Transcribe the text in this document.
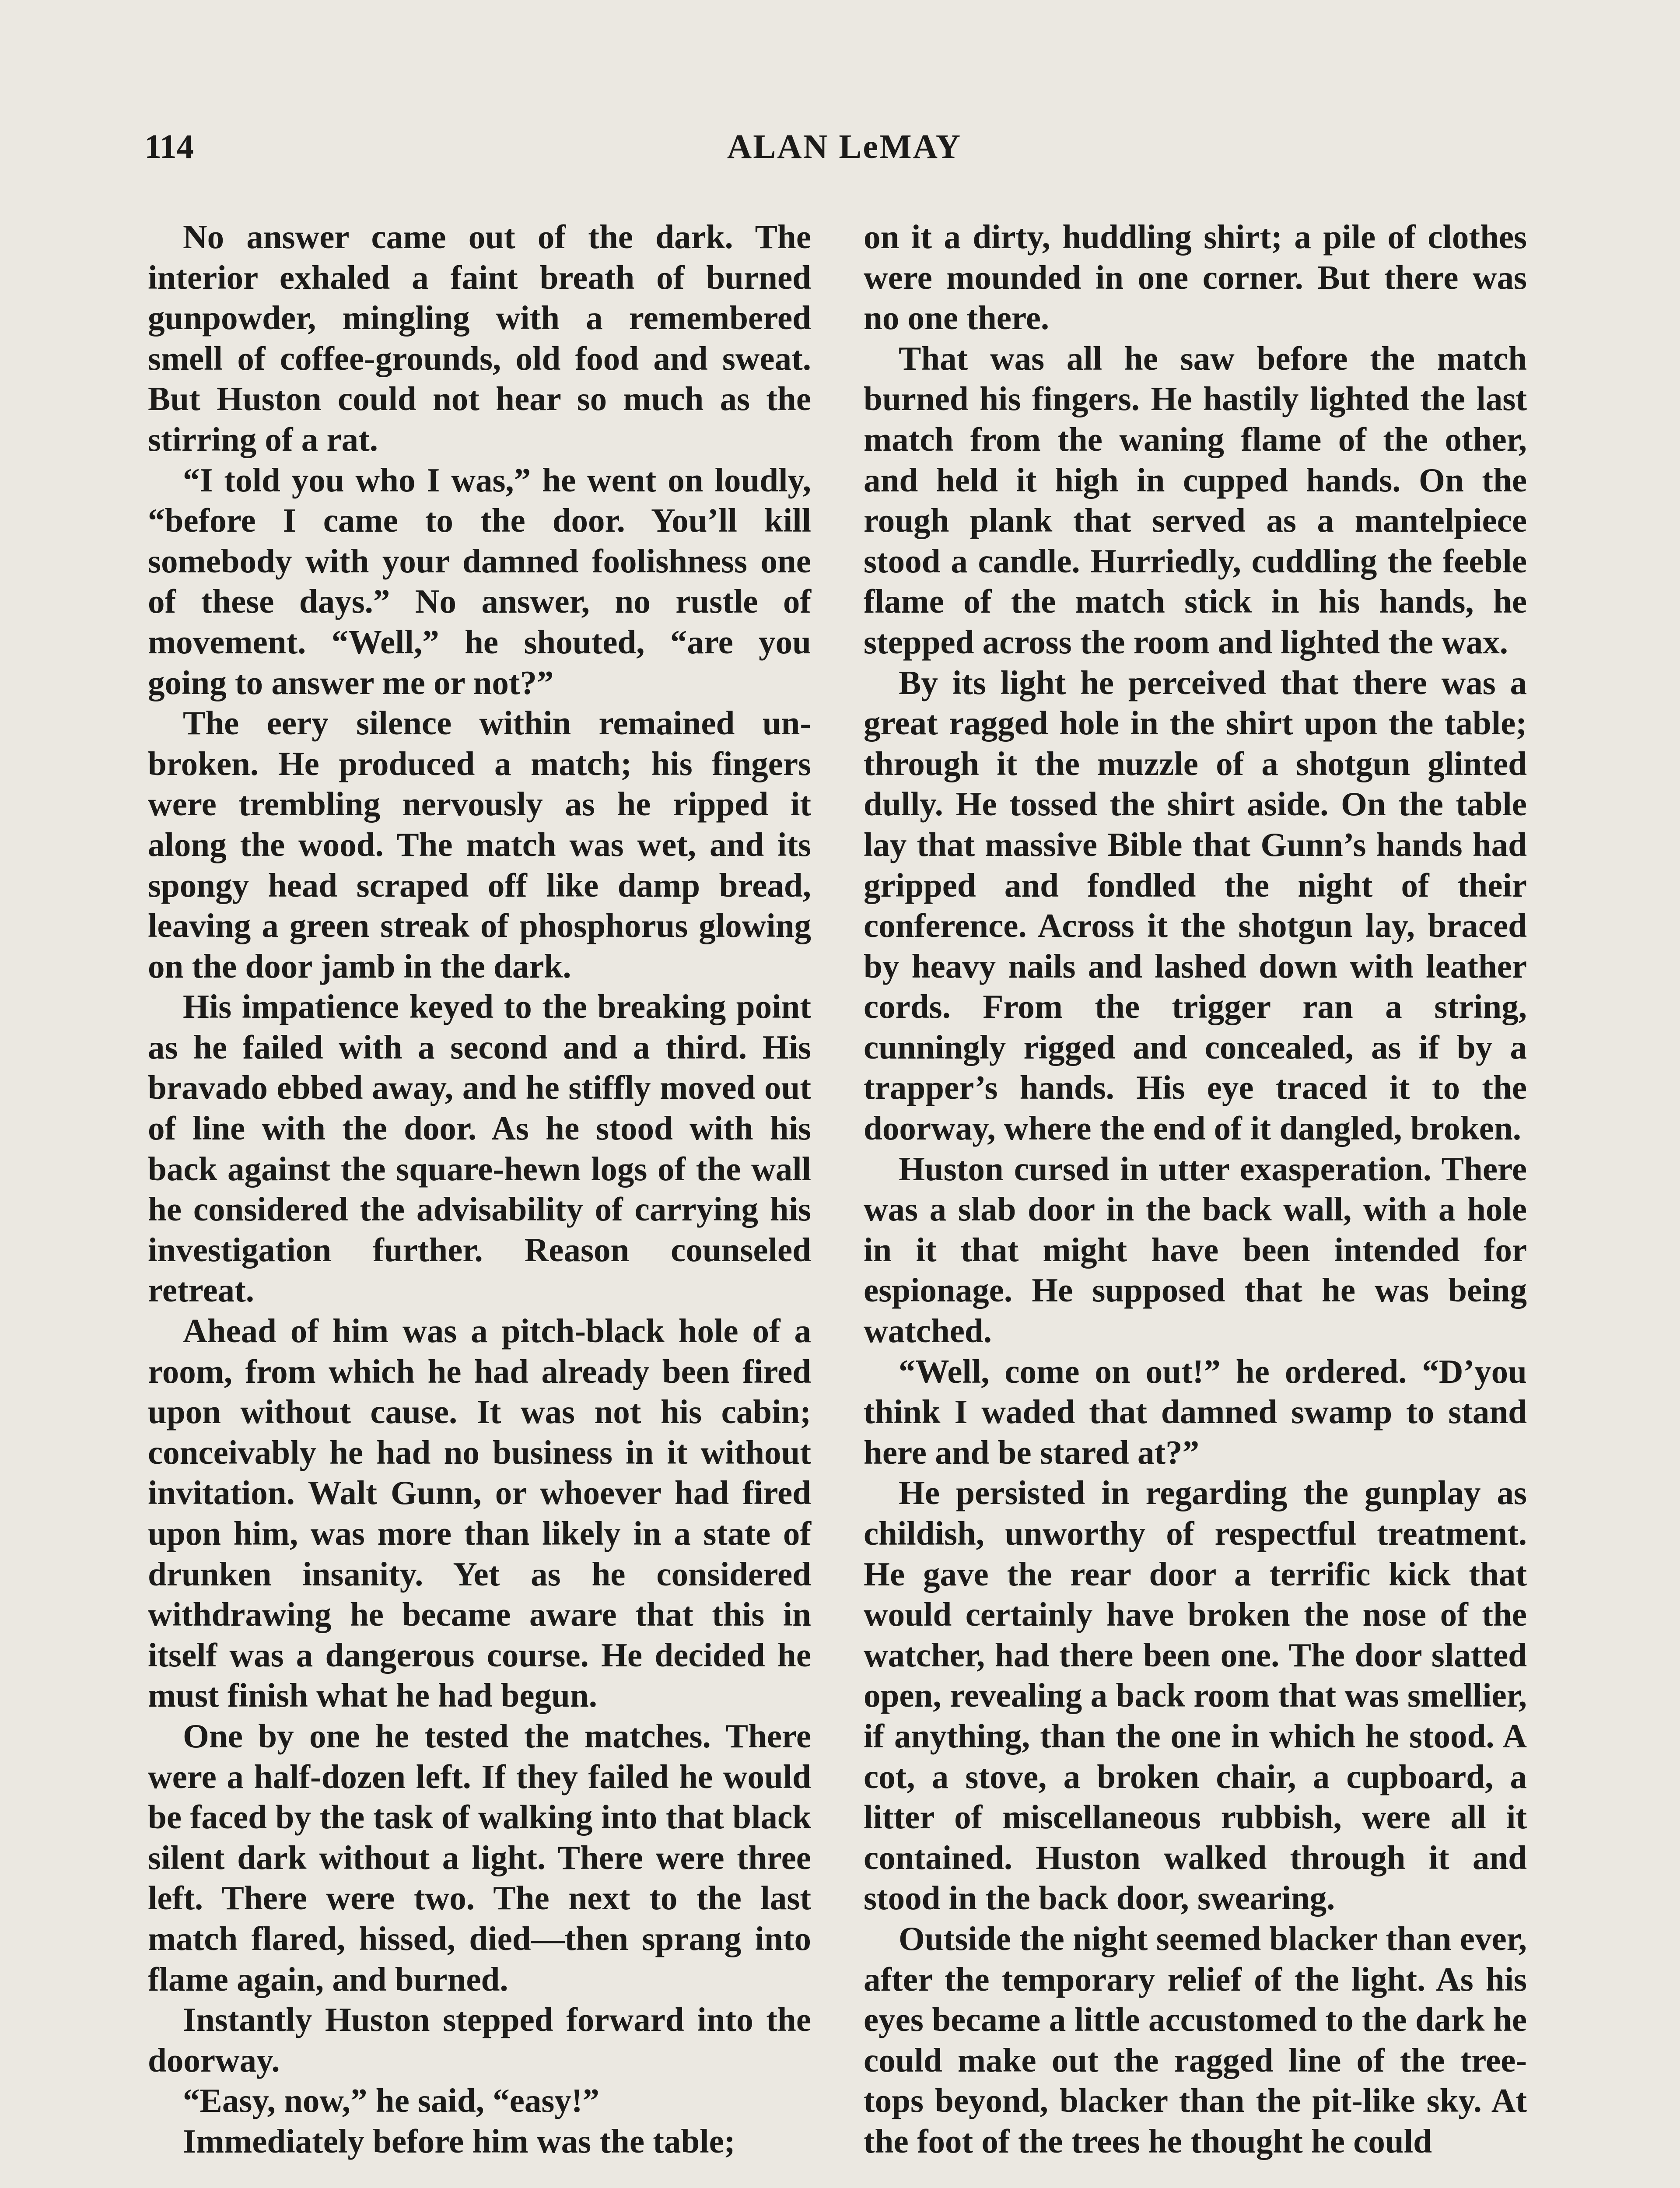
114	ALAN LeMAY

No answer came out of the dark. The interior exhaled a faint breath of burned gunpowder, mingling with a remembered smell of coffee-grounds, old food and sweat. But Huston could not hear so much as the stirring of a rat.

“I told you who I was,” he went on loudly, “before I came to the door. You’ll kill somebody with your damned foolishness one of these days.” No answer, no rustle of movement. “Well,” he shouted, “are you going to answer me or not?”

The eery silence within remained unbroken. He produced a match; his fingers were trembling nervously as he ripped it along the wood. The match was wet, and its spongy head scraped off like damp bread, leaving a green streak of phosphorus glowing on the door jamb in the dark.

His impatience keyed to the breaking point as he failed with a second and a third. His bravado ebbed away, and he stiffly moved out of line with the door. As he stood with his back against the square-hewn logs of the wall he considered the advisability of carrying his investigation further. Reason counseled retreat.

Ahead of him was a pitch-black hole of a room, from which he had already been fired upon without cause. It was not his cabin; conceivably he had no business in it without invitation. Walt Gunn, or whoever had fired upon him, was more than likely in a state of drunken insanity. Yet as he considered withdrawing he became aware that this in itself was a dangerous course. He decided he must finish what he had begun.

One by one he tested the matches. There were a half-dozen left. If they failed he would be faced by the task of walking into that black silent dark without a light. There were three left. There were two. The next to the last match flared, hissed, died—then sprang into flame again, and burned.

Instantly Huston stepped forward into the doorway.

“Easy, now,” he said, “easy!”

Immediately before him was the table;

on it a dirty, huddling shirt; a pile of clothes were mounded in one corner. But there was no one there.

That was all he saw before the match burned his fingers. He hastily lighted the last match from the waning flame of the other, and held it high in cupped hands. On the rough plank that served as a mantelpiece stood a candle. Hurriedly, cuddling the feeble flame of the match stick in his hands, he stepped across the room and lighted the wax.

By its light he perceived that there was a great ragged hole in the shirt upon the table; through it the muzzle of a shotgun glinted dully. He tossed the shirt aside. On the table lay that massive Bible that Gunn’s hands had gripped and fondled the night of their conference. Across it the shotgun lay, braced by heavy nails and lashed down with leather cords. From the trigger ran a string, cunningly rigged and concealed, as if by a trapper’s hands. His eye traced it to the doorway, where the end of it dangled, broken.

Huston cursed in utter exasperation. There was a slab door in the back wall, with a hole in it that might have been intended for espionage. He supposed that he was being watched.

“Well, come on out!” he ordered. “D’you think I waded that damned swamp to stand here and be stared at?”

He persisted in regarding the gunplay as childish, unworthy of respectful treatment. He gave the rear door a terrific kick that would certainly have broken the nose of the watcher, had there been one. The door slatted open, revealing a back room that was smellier, if anything, than the one in which he stood. A cot, a stove, a broken chair, a cupboard, a litter of miscellaneous rubbish, were all it contained. Huston walked through it and stood in the back door, swearing.

Outside the night seemed blacker than ever, after the temporary relief of the light. As his eyes became a little accustomed to the dark he could make out the ragged line of the tree-tops beyond, blacker than the pit-like sky. At the foot of the trees he thought he could
